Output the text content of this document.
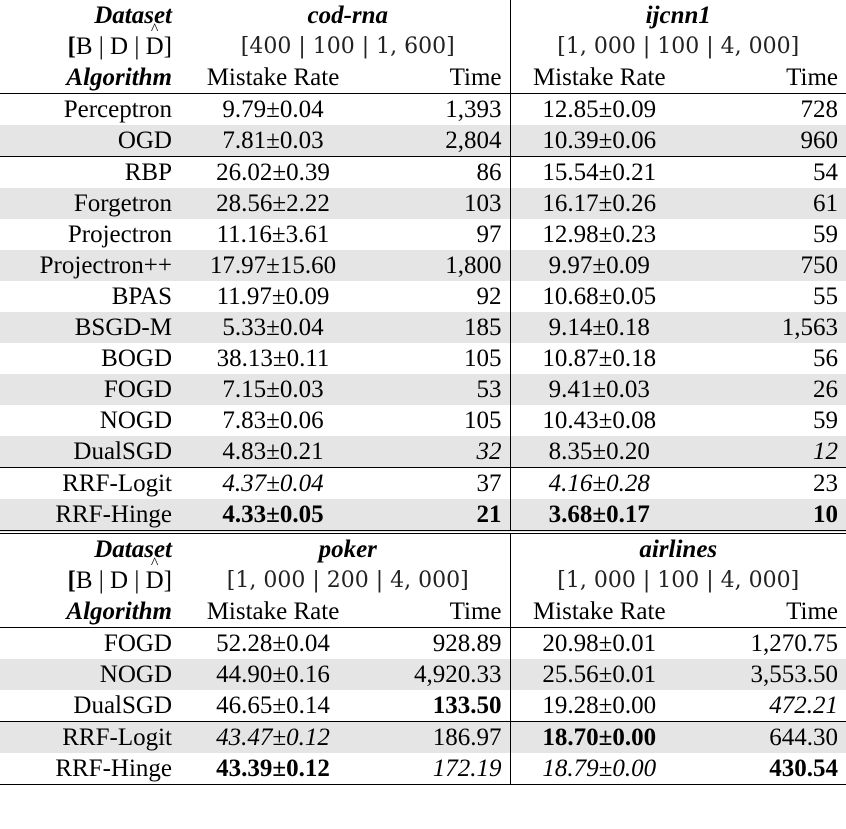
Dataset	cod-rna		ijcnn1	
[B | D | ^ D]	[400 | 100 | 1, 600]		[1, 000 | 100 | 4, 000]	
Algorithm	Mistake Rate	Time	Mistake Rate	Time
Perceptron	9.79±0.04	1,393	12.85±0.09	728
OGD	7.81±0.03	2,804	10.39±0.06	960
RBP	26.02±0.39	86	15.54±0.21	54
Forgetron	28.56±2.22	103	16.17±0.26	61
Projectron	11.16±3.61	97	12.98±0.23	59
Projectron++	17.97±15.60	1,800	9.97±0.09	750
BPAS	11.97±0.09	92	10.68±0.05	55
BSGD-M	5.33±0.04	185	9.14±0.18	1,563
BOGD	38.13±0.11	105	10.87±0.18	56
FOGD	7.15±0.03	53	9.41±0.03	26
NOGD	7.83±0.06	105	10.43±0.08	59
DualSGD	4.83±0.21	32	8.35±0.20	12
RRF-Logit	4.37±0.04	37	4.16±0.28	23
RRF-Hinge	4.33±0.05	21	3.68±0.17	10
Dataset	poker		airlines	
[B | D | ^ D]	[1, 000 | 200 | 4, 000]		[1, 000 | 100 | 4, 000]	
Algorithm	Mistake Rate	Time	Mistake Rate	Time
FOGD	52.28±0.04	928.89	20.98±0.01	1,270.75
NOGD	44.90±0.16	4,920.33	25.56±0.01	3,553.50
DualSGD	46.65±0.14	133.50	19.28±0.00	472.21
RRF-Logit	43.47±0.12	186.97	18.70±0.00	644.30
RRF-Hinge	43.39±0.12	172.19	18.79±0.00	430.54
